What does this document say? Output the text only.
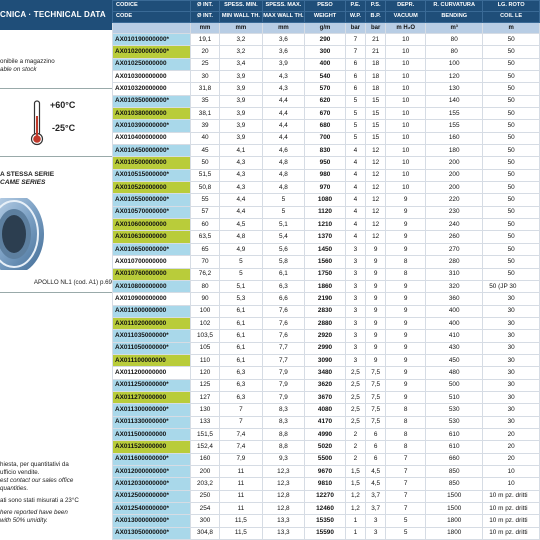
CNICA · TECHNICAL DATA
onibile a magazzino
able on stock
+60°C
-25°C
A STESSA SERIE
CAME SERIES
APOLLO NL1 (cod. A1) p.69
hiesta, per quantitativi da
ufficio vendite.
est contact our sales office
quantities.
ati sono stati misurati a 23°C
here reported have been
with 50% umidity.
CODICE	Ø INT.	SPESS. MIN.	SPESS. MAX.	PESO	P.E.	P.S.	DEPR.	R. CURVATURA	LG. ROTO
CODE	Ø INT.	MIN WALL TH.	MAX WALL TH.	WEIGHT	W.P.	B.P.	VACUUM	BENDING	COIL LE
	mm	mm	mm	g/m	bar	bar	m H₂O	m³	m
AX010190000000*	19,1	3,2	3,6	290	7	21	10	80	50
AX010200000000*	20	3,2	3,6	300	7	21	10	80	50
AX010250000000	25	3,4	3,9	400	6	18	10	100	50
AX010300000000	30	3,9	4,3	540	6	18	10	120	50
AX010320000000	31,8	3,9	4,3	570	6	18	10	130	50
AX010350000000*	35	3,9	4,4	620	5	15	10	140	50
AX010380000000	38,1	3,9	4,4	670	5	15	10	155	50
AX010390000000*	39	3,9	4,4	680	5	15	10	155	50
AX010400000000	40	3,9	4,4	700	5	15	10	160	50
AX010450000000*	45	4,1	4,6	830	4	12	10	180	50
AX010500000000	50	4,3	4,8	950	4	12	10	200	50
AX010515000000*	51,5	4,3	4,8	980	4	12	10	200	50
AX010520000000	50,8	4,3	4,8	970	4	12	10	200	50
AX010550000000*	55	4,4	5	1080	4	12	9	220	50
AX010570000000*	57	4,4	5	1120	4	12	9	230	50
AX010600000000	60	4,5	5,1	1210	4	12	9	240	50
AX010630000000	63,5	4,8	5,4	1370	4	12	9	260	50
AX010650000000*	65	4,9	5,6	1450	3	9	9	270	50
AX010700000000	70	5	5,8	1560	3	9	8	280	50
AX010760000000	76,2	5	6,1	1750	3	9	8	310	50
AX010800000000	80	5,1	6,3	1860	3	9	9	320	50 (JP 30
AX010900000000	90	5,3	6,6	2190	3	9	9	360	30
AX011000000000	100	6,1	7,6	2830	3	9	9	400	30
AX011020000000	102	6,1	7,6	2880	3	9	9	400	30
AX011035000000*	103,5	6,1	7,6	2920	3	9	9	410	30
AX011050000000*	105	6,1	7,7	2990	3	9	9	430	30
AX011100000000	110	6,1	7,7	3090	3	9	9	450	30
AX011200000000	120	6,3	7,9	3480	2,5	7,5	9	480	30
AX011250000000*	125	6,3	7,9	3620	2,5	7,5	9	500	30
AX011270000000	127	6,3	7,9	3670	2,5	7,5	9	510	30
AX011300000000*	130	7	8,3	4080	2,5	7,5	8	530	30
AX011330000000*	133	7	8,3	4170	2,5	7,5	8	530	30
AX011500000000	151,5	7,4	8,8	4990	2	6	8	610	20
AX011520000000	152,4	7,4	8,8	5020	2	6	8	610	20
AX011600000000*	160	7,9	9,3	5500	2	6	7	660	20
AX012000000000*	200	11	12,3	9670	1,5	4,5	7	850	10
AX012030000000*	203,2	11	12,3	9810	1,5	4,5	7	850	10
AX012500000000*	250	11	12,8	12270	1,2	3,7	7	1500	10 m pz. dritti
AX012540000000*	254	11	12,8	12460	1,2	3,7	7	1500	10 m pz. dritti
AX013000000000*	300	11,5	13,3	15350	1	3	5	1800	10 m pz. dritti
AX013050000000*	304,8	11,5	13,3	15590	1	3	5	1800	10 m pz. dritti
